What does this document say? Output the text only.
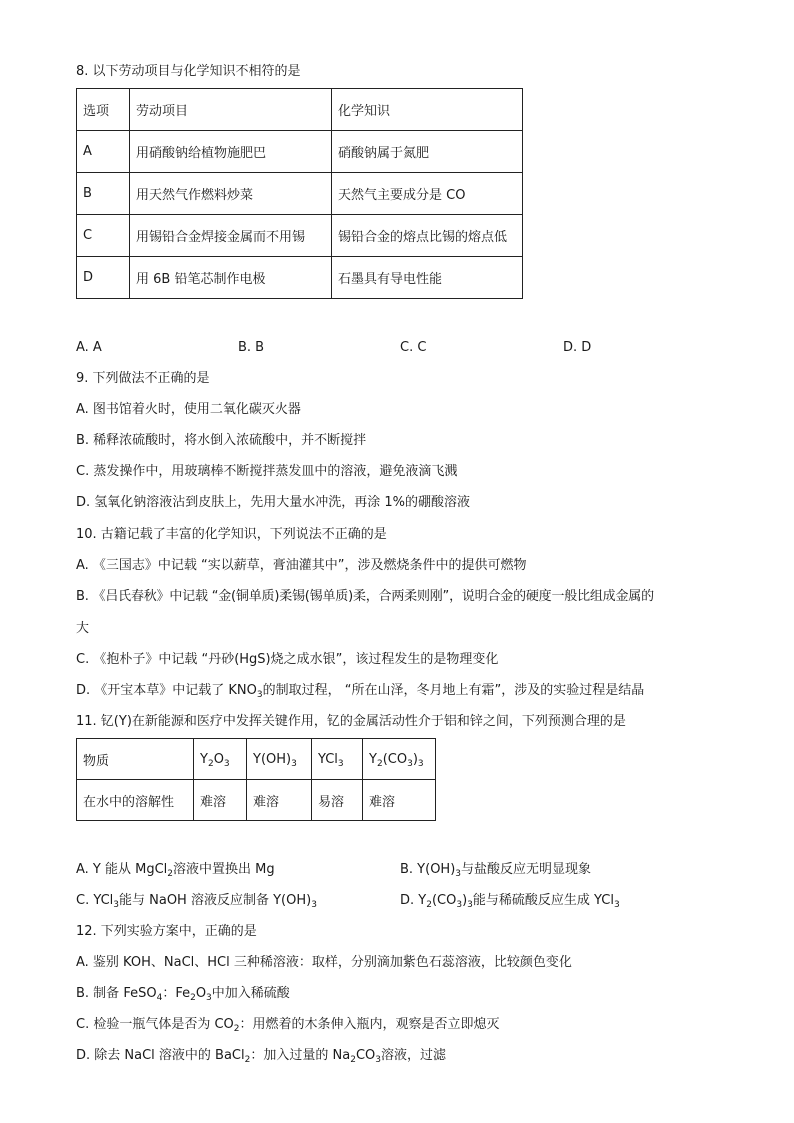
8. 以下劳动项目与化学知识不相符的是
选项	劳动项目	化学知识
A	用硝酸钠给植物施肥巴	硝酸钠属于氮肥
B	用天然气作燃料炒菜	天然气主要成分是 CO
C	用锡铅合金焊接金属而不用锡	锡铅合金的熔点比锡的熔点低
D	用 6B 铅笔芯制作电极	石墨具有导电性能
A. A	B. B	C. C	D. D
9. 下列做法不正确的是
A. 图书馆着火时，使用二氧化碳灭火器
B. 稀释浓硫酸时，将水倒入浓硫酸中，并不断搅拌
C. 蒸发操作中，用玻璃棒不断搅拌蒸发皿中的溶液，避免液滴飞溅
D. 氢氧化钠溶液沾到皮肤上，先用大量水冲洗，再涂 1%的硼酸溶液
10. 古籍记载了丰富的化学知识，下列说法不正确的是
A. 《三国志》中记载 “实以薪草，膏油灌其中”，涉及燃烧条件中的提供可燃物
B. 《吕氏春秋》中记载 “金(铜单质)柔锡(锡单质)柔，合两柔则刚”，说明合金的硬度一般比组成金属的
大
C. 《抱朴子》中记载 “丹砂(HgS)烧之成水银”，该过程发生的是物理变化
D. 《开宝本草》中记载了 $KNO_3$的制取过程， “所在山泽，冬月地上有霜”，涉及的实验过程是结晶
11. 钇(Y)在新能源和医疗中发挥关键作用，钇的金属活动性介于铝和锌之间，下列预测合理的是
物质	$Y_2O_3$	$Y(OH)_3$	YCl$_3$	$Y_2(CO_3)_3$
在水中的溶解性	难溶	难溶	易溶	难溶
A. Y 能从 MgCl$_2$溶液中置换出 Mg	B. $Y(OH)_3$与盐酸反应无明显现象
C. YCl$_3$能与 NaOH 溶液反应制备 $Y(OH)_3$	D. $Y_2(CO_3)_3$能与稀硫酸反应生成 YCl$_3$
12. 下列实验方案中，正确的是
A. 鉴别 KOH、NaCl、HCl 三种稀溶液：取样，分别滴加紫色石蕊溶液，比较颜色变化
B. 制备 FeSO$_4$：$Fe_2O_3$中加入稀硫酸
C. 检验一瓶气体是否为 $CO_2$：用燃着的木条伸入瓶内，观察是否立即熄灭
D. 除去 NaCl 溶液中的 BaCl$_2$：加入过量的 $Na_2CO_3$溶液，过滤
